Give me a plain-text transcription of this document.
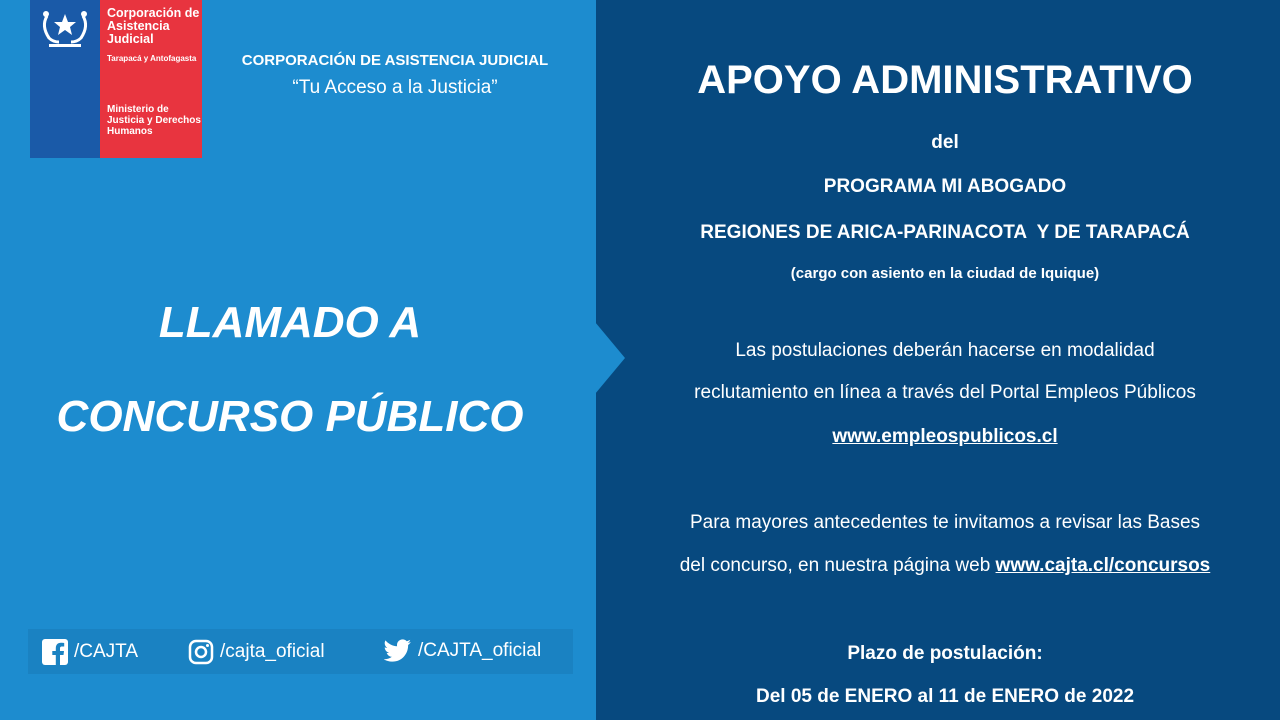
Corporación de Asistencia Judicial
Tarapacá y Antofagasta
Ministerio de Justicia y Derechos Humanos
CORPORACIÓN DE ASISTENCIA JUDICIAL
“Tu Acceso a la Justicia”
LLAMADO A
CONCURSO PÚBLICO
/CAJTA	/cajta_oficial	/CAJTA_oficial
APOYO ADMINISTRATIVO
del
PROGRAMA MI ABOGADO
REGIONES DE ARICA-PARINACOTA  Y DE TARAPACÁ
(cargo con asiento en la ciudad de Iquique)
Las postulaciones deberán hacerse en modalidad
reclutamiento en línea a través del Portal Empleos Públicos
www.empleospublicos.cl
Para mayores antecedentes te invitamos a revisar las Bases
del concurso, en nuestra página web www.cajta.cl/concursos
Plazo de postulación:
Del 05 de ENERO al 11 de ENERO de 2022
